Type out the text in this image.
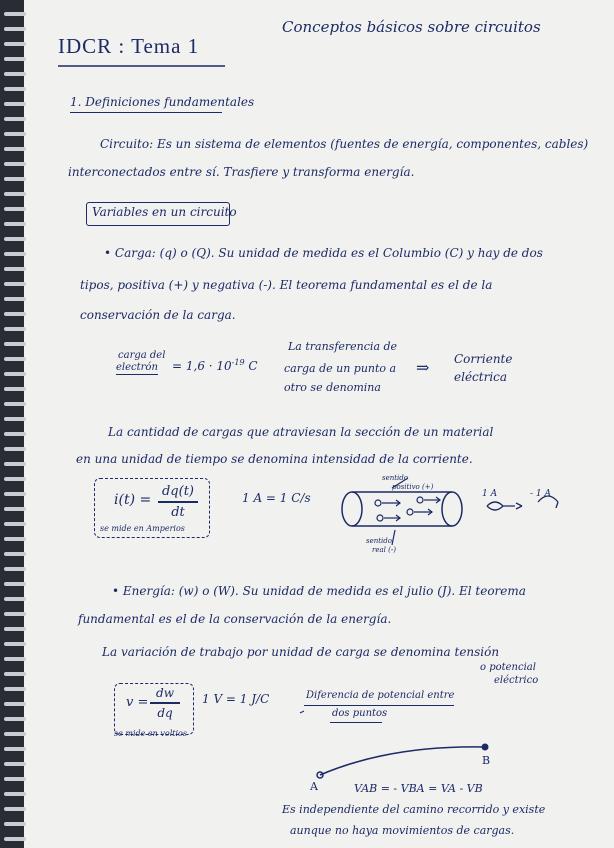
IDCR : Tema 1
Conceptos básicos sobre circuitos
1. Definiciones fundamentales
Circuito: Es un sistema de elementos (fuentes de energía, componentes, cables)
interconectados entre sí. Trasfiere y transforma energía.
Variables en un circuito
• Carga: (q) o (Q). Su unidad de medida es el Columbio (C) y hay de dos
tipos, positiva (+) y negativa (-). El teorema fundamental es el de la
conservación de la carga.
carga del
electrón = $1,6 \cdot 10^{-19}$ C
La transferencia de
carga de un punto a
otro se denomina
⇒ Corriente
eléctrica
La cantidad de cargas que atraviesan la sección de un material
en una unidad de tiempo se denomina intensidad de la corriente.
i(t) =
dq(t)
dt
se mide en Amperios
1 A = 1 C/s
sentido
positivo (+)
sentido
real (-)
1 A	- 1 A
• Energía: (w) o (W). Su unidad de medida es el julio (J). El teorema
fundamental es el de la conservación de la energía.
La variación de trabajo por unidad de carga se denomina tensión
o potencial
eléctrico
v =
dw
dq
se mide en voltios
1 V = 1 J/C	Diferencia de potencial entre
dos puntos
A
B
VAB = - VBA = VA - VB
Es independiente del camino recorrido y existe
aunque no haya movimientos de cargas.
